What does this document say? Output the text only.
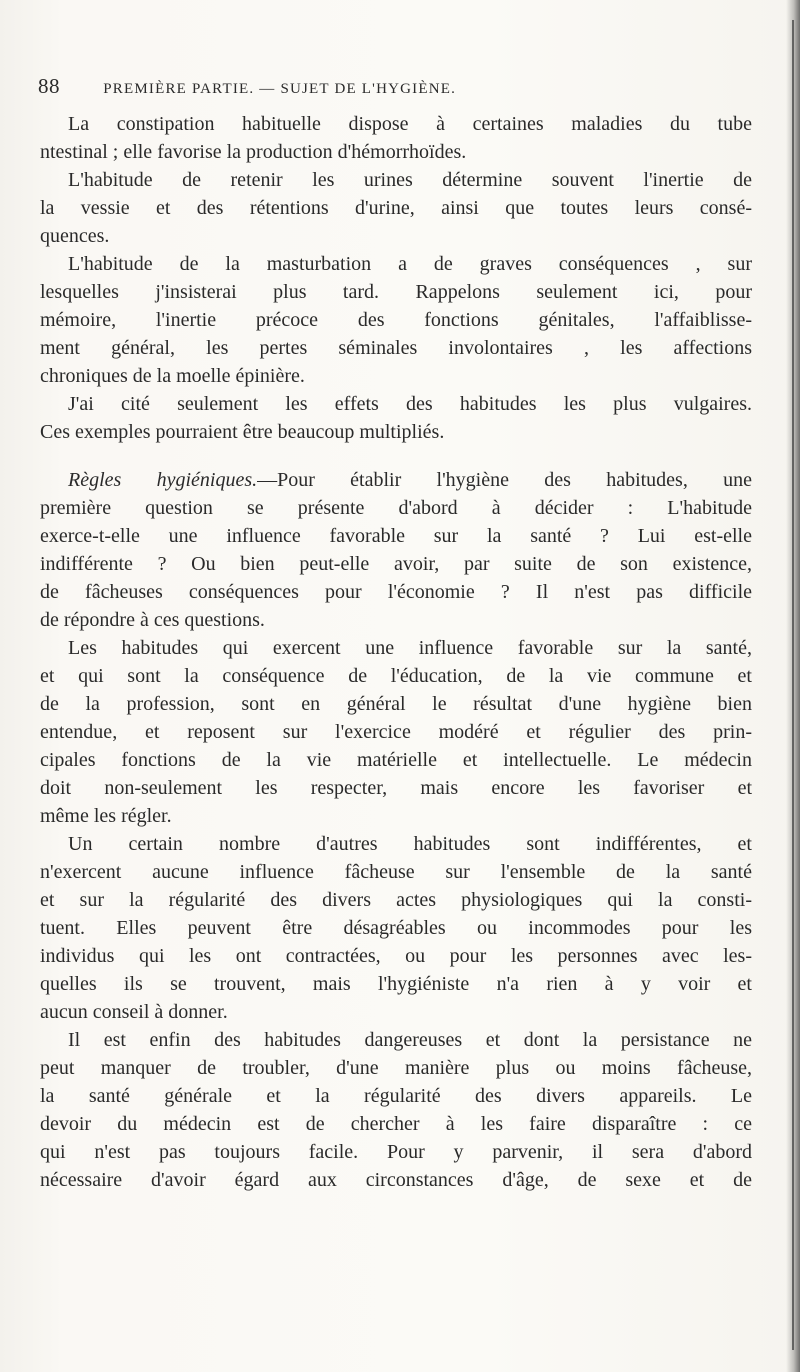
88	PREMIÈRE PARTIE. — SUJET DE L'HYGIÈNE.
La constipation habituelle dispose à certaines maladies du tube
ntestinal ; elle favorise la production d'hémorrhoïdes.
L'habitude de retenir les urines détermine souvent l'inertie de
la vessie et des rétentions d'urine, ainsi que toutes leurs consé-
quences.
L'habitude de la masturbation a de graves conséquences , sur
lesquelles j'insisterai plus tard. Rappelons seulement ici, pour
mémoire, l'inertie précoce des fonctions génitales, l'affaiblisse-
ment général, les pertes séminales involontaires , les affections
chroniques de la moelle épinière.
J'ai cité seulement les effets des habitudes les plus vulgaires.
Ces exemples pourraient être beaucoup multipliés.
Règles hygiéniques.—Pour établir l'hygiène des habitudes, une
première question se présente d'abord à décider : L'habitude
exerce-t-elle une influence favorable sur la santé ? Lui est-elle
indifférente ? Ou bien peut-elle avoir, par suite de son existence,
de fâcheuses conséquences pour l'économie ? Il n'est pas difficile
de répondre à ces questions.
Les habitudes qui exercent une influence favorable sur la santé,
et qui sont la conséquence de l'éducation, de la vie commune et
de la profession, sont en général le résultat d'une hygiène bien
entendue, et reposent sur l'exercice modéré et régulier des prin-
cipales fonctions de la vie matérielle et intellectuelle. Le médecin
doit non-seulement les respecter, mais encore les favoriser et
même les régler.
Un certain nombre d'autres habitudes sont indifférentes, et
n'exercent aucune influence fâcheuse sur l'ensemble de la santé
et sur la régularité des divers actes physiologiques qui la consti-
tuent. Elles peuvent être désagréables ou incommodes pour les
individus qui les ont contractées, ou pour les personnes avec les-
quelles ils se trouvent, mais l'hygiéniste n'a rien à y voir et
aucun conseil à donner.
Il est enfin des habitudes dangereuses et dont la persistance ne
peut manquer de troubler, d'une manière plus ou moins fâcheuse,
la santé générale et la régularité des divers appareils. Le
devoir du médecin est de chercher à les faire disparaître : ce
qui n'est pas toujours facile. Pour y parvenir, il sera d'abord
nécessaire d'avoir égard aux circonstances d'âge, de sexe et de
